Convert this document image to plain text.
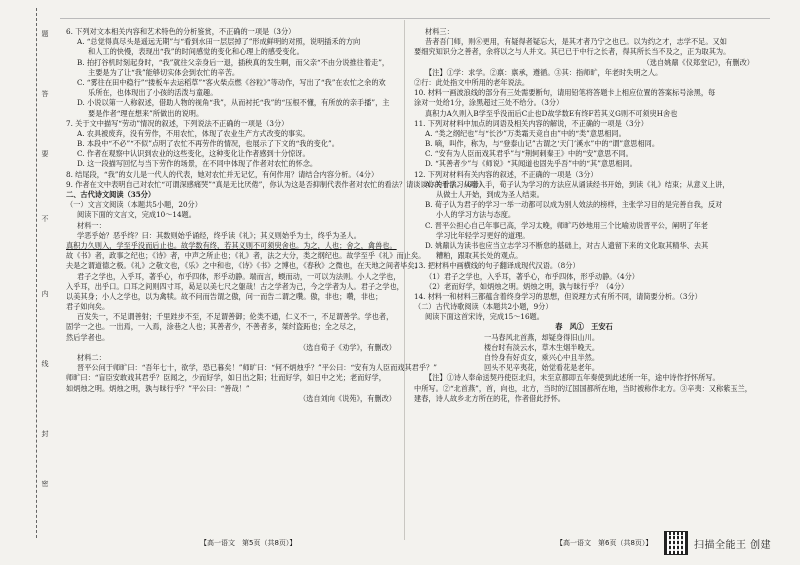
题
答
要
不
内
线
封
密
6. 下列对文本相关内容和艺术特色的分析鉴赏，不正确的一项是（3分）
A. “总觉得真尽头是遥远无期”与“看到水田一层层掉了”形成鲜明的对照，说明插禾的方向
和人工的快慢，表现出“我”的时间感觉的变化和心理上的感受变化。
B. 拍打谷机时刻起身时，“我”就往父亲身后一退，插秧真的发生啊，而父亲“不由分说推往着走”，
主要是为了让“我”能够切实体会到农忙的辛苦。
C. “雾往在田中稳行”“搂板车去运稻草”“客火柴点燃《谷粒》”等动作，写出了“我”在农忙之余的欢
乐所在，也体现出了小孩的活泼与童趣。
D. 小说以第一人称叙述，借助人物的视角“我”，从而衬托“我”的“压根不懂，有所放的亲手播”，主
要是作者“理在想来”所做出的说明。
7. 关于文中描写“劳动”情况的叙述，下列说法不正确的一项是（3分）
A. 农具被废弃，没有劳作，不用农忙，体现了农业生产方式改变的事实。
B. 本段中“不必”“不似”点明了农忙不再劳作的情况，也展示了下文的“我的变化”。
C. 作者在观察中认识到农业的这些变化，这种变化让作者感到十分惊讶。
D. 这一段描写回忆与当下劳作的场景，在不同中体现了作者对农忙的怀念。
8. 结尾段，“我”的女儿是一代人的代表，她对农忙并无记忆，有何作用？请结合内容分析。（4分）
9. 作者在文中表明自己对农忙“可谓深感痛哭”“真是无比厌倦”，你认为这是否抑制代表作者对农忙的看法？请谈谈你的看法。（6分）
二、古代诗文阅读（35分）
（一）文言文阅读（本题共5小题，20分）
阅读下面的文言文，完成10～14题。
材料一：
学恶乎始？恶乎终？曰：其数则始乎诵经，终乎读《礼》；其义则始乎为士，终乎为圣人。
真积力久则入，学至乎没而后止也。故学数有终，若其义则不可须臾舍也。为之，人也；舍之，禽兽也。
故《书》者，政事之纪也；《诗》者，中声之所止也；《礼》者，法之大分，类之纲纪也。故学至乎《礼》而止矣。
夫是之谓道德之极。《礼》之敬文也，《乐》之中和也，《诗》《书》之博也，《春秋》之微也，在天地之间者毕矣。
君子之学也，入乎耳，著乎心，布乎四体，形乎动静。端而言，蝡而动，一可以为法则。小人之学也，
入乎耳，出乎口。口耳之间则四寸耳，曷足以美七尺之躯哉！古之学者为己，今之学者为人。君子之学也，
以美其身；小人之学也，以为禽犊。故不问而告谓之傲，问一而告二谓之囋。傲，非也；囋，非也；
君子如向矣。
百发失一，不足谓善射；千里跬步不至，不足谓善御；伦类不通，仁义不一，不足谓善学。学也者，
固学一之也。一出焉，一入焉，涂巷之人也；其善者少，不善者多，桀纣盗跖也；全之尽之，
然后学者也。
（选自荀子《劝学》，有删改）
材料二：
晋平公问于师旷曰：“吾年七十，欲学，恐已暮矣！”师旷曰：“何不炳烛乎？”平公曰：“安有为人臣而戏其君乎？”
师旷曰：“盲臣安敢戏其君乎？臣闻之，少而好学，如日出之阳；壮而好学，如日中之光；老而好学，
如炳烛之明。炳烛之明，孰与昧行乎？”平公曰：“善哉！”
（选自刘向《说苑》，有删改）
材料三：
昔者吾门师，则⑥更用，有疑得者疑忘大，是其才者乃宁之也已。以为约之才，志学不足。又如
要细究知识分之善者，余将以之与人并文。其已已于中行之长者，得其所长当不及之，正为取其为。
（选自姚鼐《仪郑堂记》，有删改）
【注】①学：求学。②禀：禀承，遵循。③其：指师旷，年老时失明之人。
②行：此处指文中所用的老年说法。
10. 材料一画波浪线的部分有三处需要断句，请用铅笔将答题卡上相应位置的答案标号涂黑，每
涂对一处给1分，涂黑超过三处不给分。（3分）
真积力A久则入B学至乎没而后C止也D故学数E有终F若其义G则不可须臾H舍也
11. 下列对材料中加点的词语及相关内容的解说，不正确的一项是（3分）
A. “类之纲纪也”与“长沙”万类霜天竞自由”中的“类”意思相同。
B. 嘀，叫作，称为，与“登泰山记”古谓之‘天门’溪水”中的“谓”意思相同。
C. “安有为人臣而戏其君乎”与“荆轲刺秦王》中的“安”意思不同。
D. “其善者少”与《师说》“其闻道也固先乎吾”中的“其”意思相同。
12. 下列对材料有关内容的叙述，不正确的一项是（3分）
A. 关于学习从哪入手，荀子认为学习的方法应从诵读经书开始，到读《礼》结束；从意义上讲，
从做士人开始，到成为圣人结束。
B. 荀子认为君子的学习一举一动都可以成为别人效法的榜样，主张学习目的是完善自我，反对
小人的学习方法与态度。
C. 晋平公担心自己年事已高，学习太晚，师旷巧妙地用三个比喻劝说晋平公，阐明了年老
学习比年轻学习更好的道理。
D. 姚鼐认为读书也应当立志学习不断怠的基础上，对古人遗留下来的文化取其精华、去其
糟粕，跟取其长处的观点。
13. 把材料中画横线的句子翻译成现代汉语。（8分）
（1）君子之学也，入乎耳，著乎心，布乎四体，形乎动静。（4分）
（2）老而好学，如炳烛之明。炳烛之明，孰与昧行乎？（4分）
14. 材料一和材料三都蕴含着终身学习的思想，但说理方式有所不同，请简要分析。（3分）
（二）古代诗歌阅读（本题共2小题，9分）
阅读下面这首宋诗，完成15～16题。
春　风①　王安石
一马春风北首燕，却疑身得旧山川。
楼台时有淡云水，草木生烟半晚天。
自怜身有好贞女，乘兴心中且半然。
回头不见辛夷花，始觉看花是老年。
【注】①诗人奉命送契丹使臣北归，未至京都即五年奏使到此述所一年，途中诗作抒怀所写。
中所写。②“北首燕”，首，向也，北方，当时的辽国国都所在地，当时被称作北方。③辛夷：又称紫玉兰，
建春，诗人故乡北方所在的花，作者借此抒怀。
【高一语文　第5页（共8页）】	【高一语文　第6页（共8页）】	扫描全能王 创建
